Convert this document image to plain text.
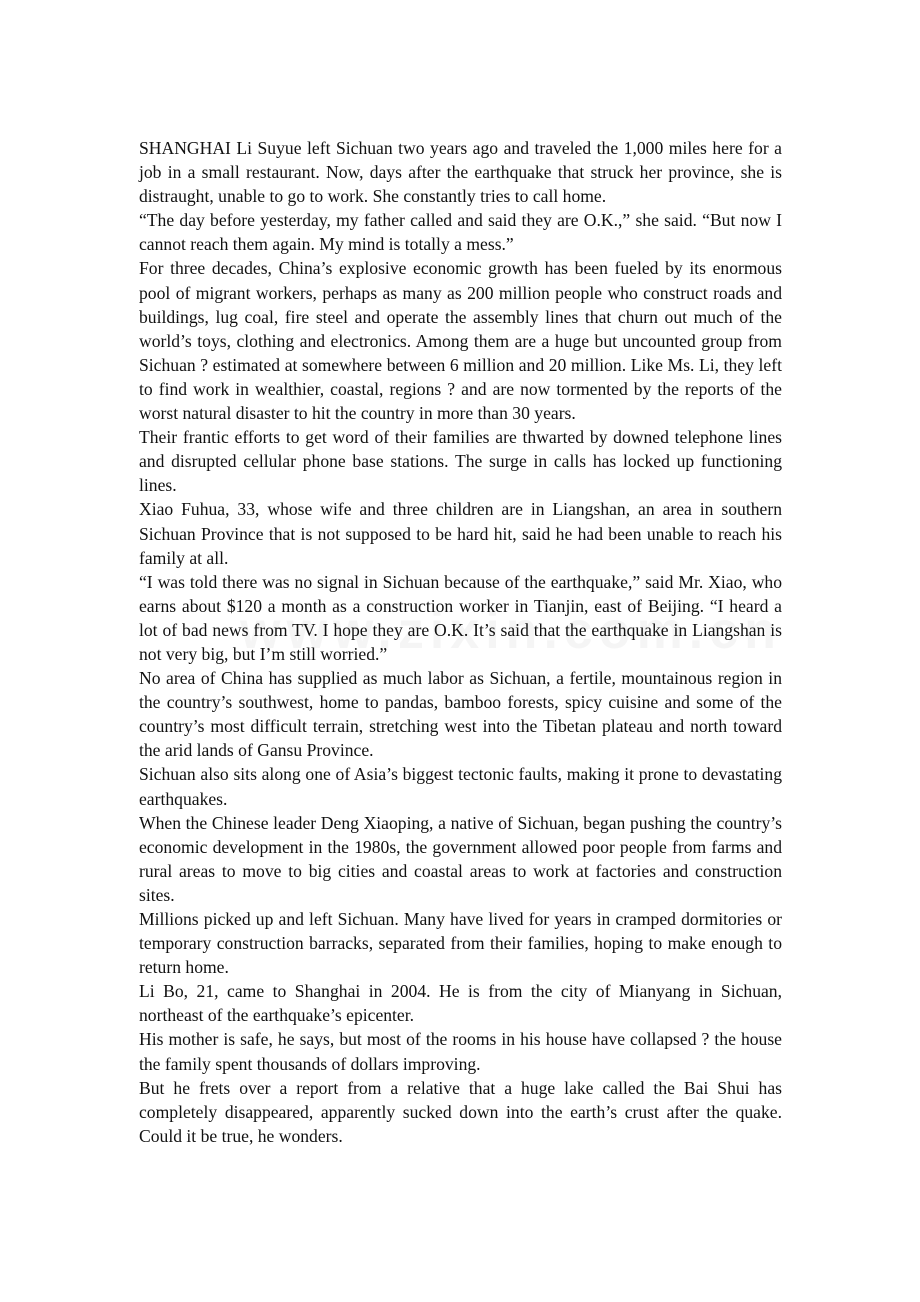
SHANGHAI Li Suyue left Sichuan two years ago and traveled the 1,000 miles here for a job in a small restaurant. Now, days after the earthquake that struck her province, she is distraught, unable to go to work. She constantly tries to call home.

“The day before yesterday, my father called and said they are O.K.,” she said. “But now I cannot reach them again. My mind is totally a mess.”

For three decades, China’s explosive economic growth has been fueled by its enormous pool of migrant workers, perhaps as many as 200 million people who construct roads and buildings, lug coal, fire steel and operate the assembly lines that churn out much of the world’s toys, clothing and electronics. Among them are a huge but uncounted group from Sichuan ? estimated at somewhere between 6 million and 20 million. Like Ms. Li, they left to find work in wealthier, coastal, regions ? and are now tormented by the reports of the worst natural disaster to hit the country in more than 30 years.

Their frantic efforts to get word of their families are thwarted by downed telephone lines and disrupted cellular phone base stations. The surge in calls has locked up functioning lines.

Xiao Fuhua, 33, whose wife and three children are in Liangshan, an area in southern Sichuan Province that is not supposed to be hard hit, said he had been unable to reach his family at all.

“I was told there was no signal in Sichuan because of the earthquake,” said Mr. Xiao, who earns about $120 a month as a construction worker in Tianjin, east of Beijing. “I heard a lot of bad news from TV. I hope they are O.K. It’s said that the earthquake in Liangshan is not very big, but I’m still worried.”

No area of China has supplied as much labor as Sichuan, a fertile, mountainous region in the country’s southwest, home to pandas, bamboo forests, spicy cuisine and some of the country’s most difficult terrain, stretching west into the Tibetan plateau and north toward the arid lands of Gansu Province.

Sichuan also sits along one of Asia’s biggest tectonic faults, making it prone to devastating earthquakes.

When the Chinese leader Deng Xiaoping, a native of Sichuan, began pushing the country’s economic development in the 1980s, the government allowed poor people from farms and rural areas to move to big cities and coastal areas to work at factories and construction sites.

Millions picked up and left Sichuan. Many have lived for years in cramped dormitories or temporary construction barracks, separated from their families, hoping to make enough to return home.

Li Bo, 21, came to Shanghai in 2004. He is from the city of Mianyang in Sichuan, northeast of the earthquake’s epicenter.

His mother is safe, he says, but most of the rooms in his house have collapsed ? the house the family spent thousands of dollars improving.

But he frets over a report from a relative that a huge lake called the Bai Shui has completely disappeared, apparently sucked down into the earth’s crust after the quake. Could it be true, he wonders.
